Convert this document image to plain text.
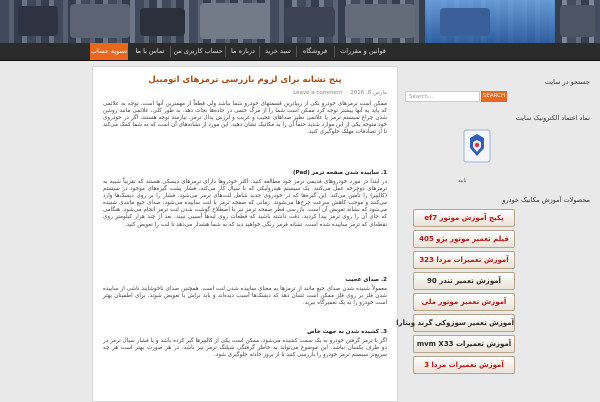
تسویه حساب	تماس با ما	حساب کاربری من	درباره ما	سبد خرید	فروشگاه	قوانین و مقررات
پنج نشانه برای لزوم بازرسی ترمزهای اتومبیل
مارس 8, 2016·Leave a comment
ممکن است ترمزهای خودرو یکی از زیباترین قسمتهای خودرو شما نباشد ولی قطعاً از مهمترین آنها است. توجه به علائمی که باید به آنها بیشتر توجه کرد ممکن است شما را از مرگ حتمی در جاده‌ها نجات دهد. به طور کلی، علائمی مانند روشن شدن چراغ سیستم ترمز یا علائمی نظیر صداهای عجیب و غریب و لرزش پدال ترمز، نیازمند توجه هستند. اگر در خودروی خود متوجه یکی از این موارد شدید حتماً آن را به مکانیک نشان دهید. این مورد از نشانه‌های آن است که به شما کمک می‌کند تا از تصادفات مهلک جلوگیری کنید.
1. ساییده شدن صفحه ترمز (Pad)
در ابتدا در مورد خودروهای قدیمی ترمز خود مطالعه کنید. اکثر خودروها دارای ترمزهای دیسکی هستند که تقریباً شبیه به ترمزهای دوچرخه عمل می‌کنند. یک سیستم هیدرولیکی که با سیال کار می‌کند، فشار پشت گیره‌های موجود در سیستم (کالیپر) را تأمین می‌کند. این گیره‌ها که در خودروی جدید شامل لنت‌های ترمز می‌شود، فشار را بر روی دیسک‌ها وارد می‌کنند و موجب کاهش سرعت چرخ‌ها می‌شوند. زمانی که صفحه ترمز یا لنت ساییده می‌شود، صدای جیغ مانندی شنیده می‌شود که نشانه تعویض آن است. بازرسی قطر صفحه ترمز نیز با اصطلاح گوشت شدن لنت ترمز انجام می‌شود. هنگامی که جای آن را روی ترمز پیدا کردید، دقت داشته باشید که قطعات روی لبه‌ها آسیبی نبیند. بعد از چند هزار کیلومتر روی نقطه‌ای که ترمز ساییده شده است، نشانه قرمز رنگی خواهید دید که به شما هشدار می‌دهد تا لنت را تعویض کنید.
2. صدای عجیب
معمولاً شنیده شدن صدای جیغ مانند از ترمزها به معنای ساییده شدن لنت است. همچنین صدای ناخوشایند ناشی از ساییده شدن فلز بر روی فلز ممکن است نشان دهد که دیسک‌ها آسیب دیده‌اند و باید تراش یا تعویض شوند. برای اطمینان بهتر است خودرو را به یک تعمیرگاه ببرید.
3. کشیده شدن به جهت خاص
اگر با ترمز گرفتن خودرو به یک سمت کشیده می‌شود، ممکن است یکی از کالیپرها گیر کرده باشد و یا فشار سیال ترمز در دو طرف یکسان نباشد. این موضوع می‌تواند به خاطر گرفتگی شیلنگ ترمز نیز باشد. در هر صورت بهتر است هر چه سریع‌تر سیستم ترمز خودرو را بازرسی کنید تا از بروز حادثه جلوگیری شود.
جستجو در سایت
Search...	SEARCH
نماد اعتماد الکترونیک سایت
تایید
محصولات آموزش مکانیک خودرو
پکیج آموزش موتور ef7
فیلم تعمیر موتور پژو 405
آموزش تعمیرات مزدا 323
آموزش تعمیر تندر 90
آموزش تعمیر موتور ملی
آموزش تعمیر سوزوکی گرند ویتارا
آموزش تعمیرات mvm X33
آموزش تعمیرات مزدا 3
